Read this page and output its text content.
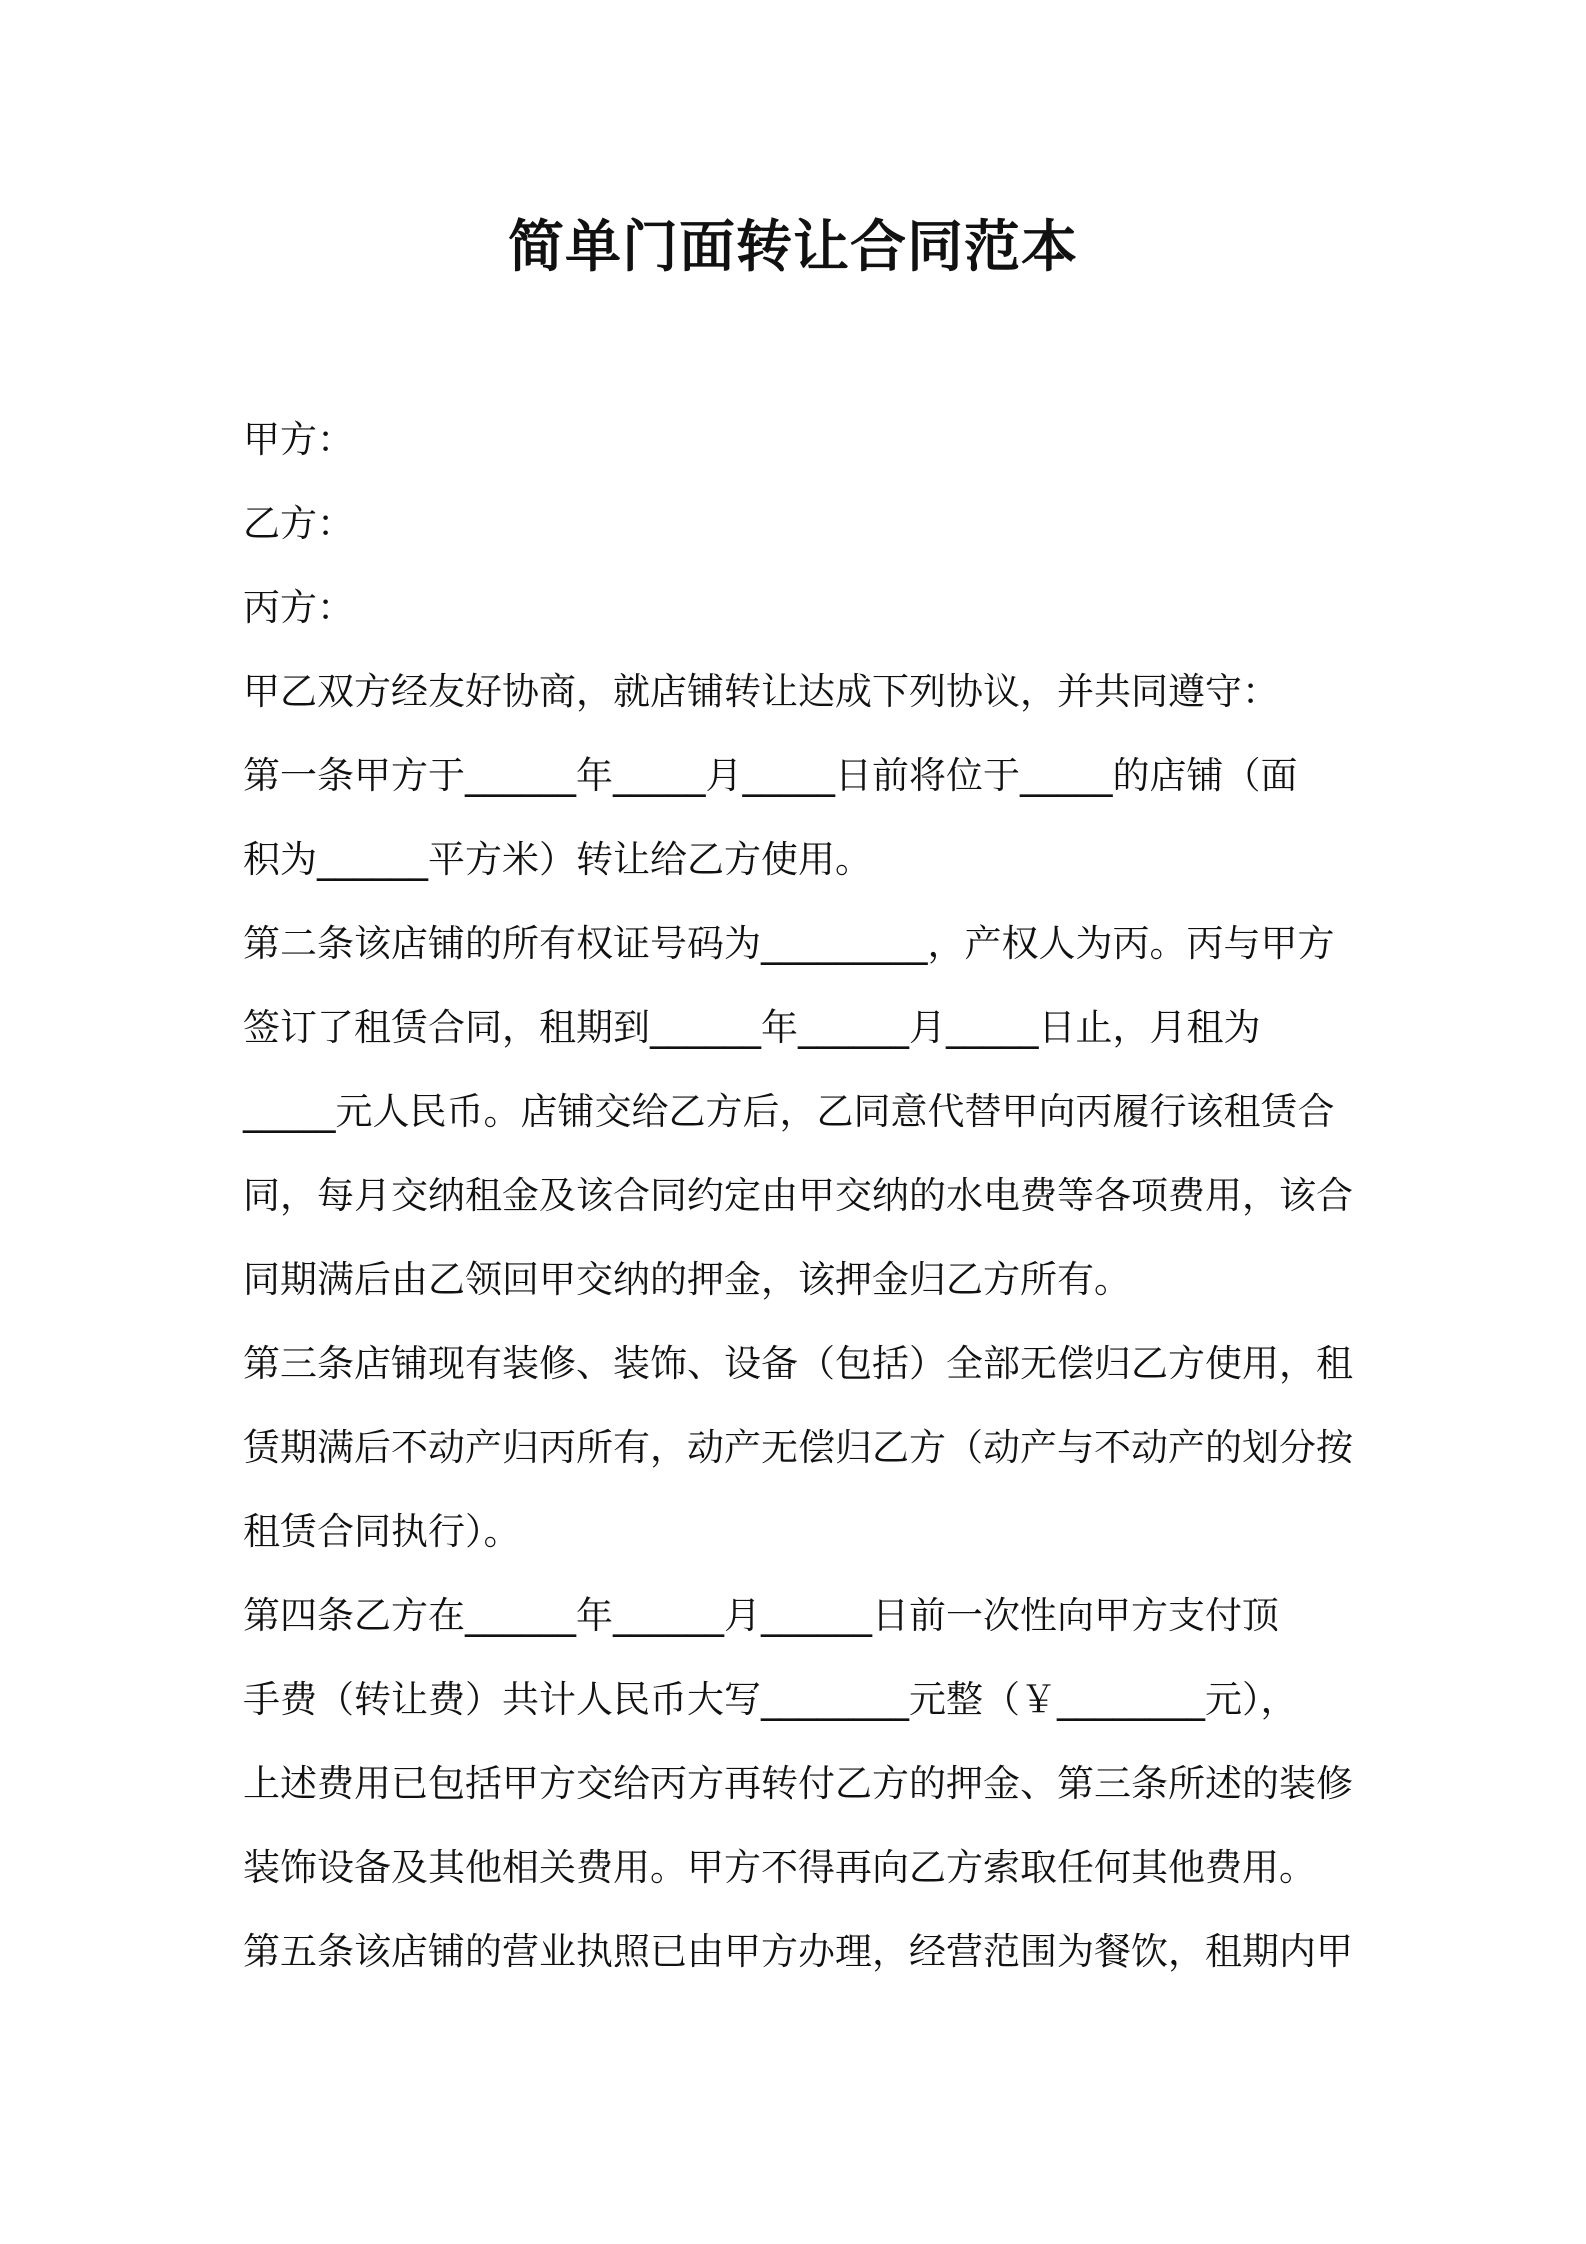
简单门面转让合同范本
甲方：
乙方：
丙方：
甲乙双方经友好协商，就店铺转让达成下列协议，并共同遵守：
第一条甲方于______年_____月_____日前将位于_____的店铺（面
积为______平方米）转让给乙方使用。
第二条该店铺的所有权证号码为_________，产权人为丙。丙与甲方
签订了租赁合同，租期到______年______月_____日止，月租为
_____元人民币。店铺交给乙方后，乙同意代替甲向丙履行该租赁合
同，每月交纳租金及该合同约定由甲交纳的水电费等各项费用，该合
同期满后由乙领回甲交纳的押金，该押金归乙方所有。
第三条店铺现有装修、装饰、设备（包括）全部无偿归乙方使用，租
赁期满后不动产归丙所有，动产无偿归乙方（动产与不动产的划分按
租赁合同执行）。
第四条乙方在______年______月______日前一次性向甲方支付顶
手费（转让费）共计人民币大写________元整（￥________元），
上述费用已包括甲方交给丙方再转付乙方的押金、第三条所述的装修
装饰设备及其他相关费用。甲方不得再向乙方索取任何其他费用。
第五条该店铺的营业执照已由甲方办理，经营范围为餐饮，租期内甲
